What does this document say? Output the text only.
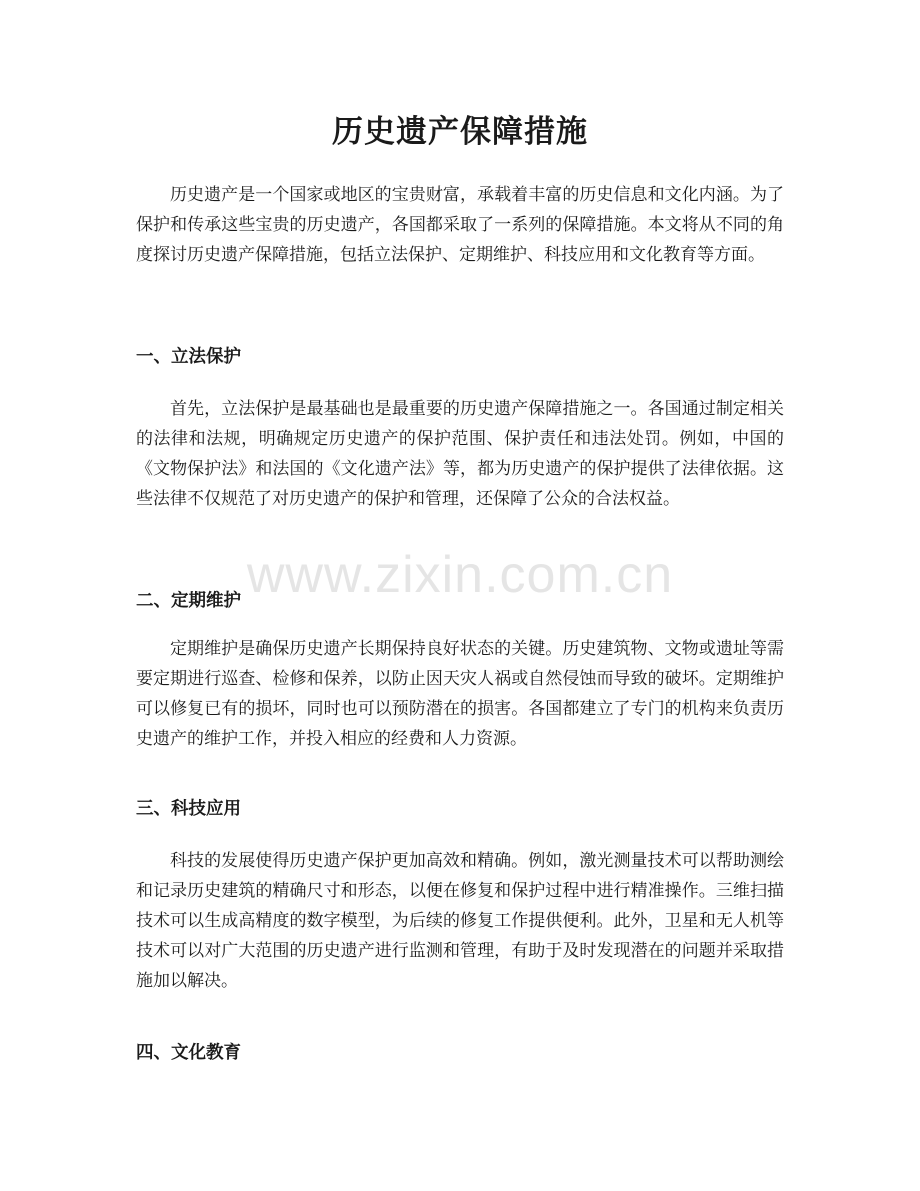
历史遗产保障措施

历史遗产是一个国家或地区的宝贵财富，承载着丰富的历史信息和文化内涵。为了保护和传承这些宝贵的历史遗产，各国都采取了一系列的保障措施。本文将从不同的角度探讨历史遗产保障措施，包括立法保护、定期维护、科技应用和文化教育等方面。

一、立法保护

首先，立法保护是最基础也是最重要的历史遗产保障措施之一。各国通过制定相关的法律和法规，明确规定历史遗产的保护范围、保护责任和违法处罚。例如，中国的《文物保护法》和法国的《文化遗产法》等，都为历史遗产的保护提供了法律依据。这些法律不仅规范了对历史遗产的保护和管理，还保障了公众的合法权益。

www.zixin.com.cn
二、定期维护

定期维护是确保历史遗产长期保持良好状态的关键。历史建筑物、文物或遗址等需要定期进行巡查、检修和保养，以防止因天灾人祸或自然侵蚀而导致的破坏。定期维护可以修复已有的损坏，同时也可以预防潜在的损害。各国都建立了专门的机构来负责历史遗产的维护工作，并投入相应的经费和人力资源。

三、科技应用

科技的发展使得历史遗产保护更加高效和精确。例如，激光测量技术可以帮助测绘和记录历史建筑的精确尺寸和形态，以便在修复和保护过程中进行精准操作。三维扫描技术可以生成高精度的数字模型，为后续的修复工作提供便利。此外，卫星和无人机等技术可以对广大范围的历史遗产进行监测和管理，有助于及时发现潜在的问题并采取措施加以解决。

四、文化教育
